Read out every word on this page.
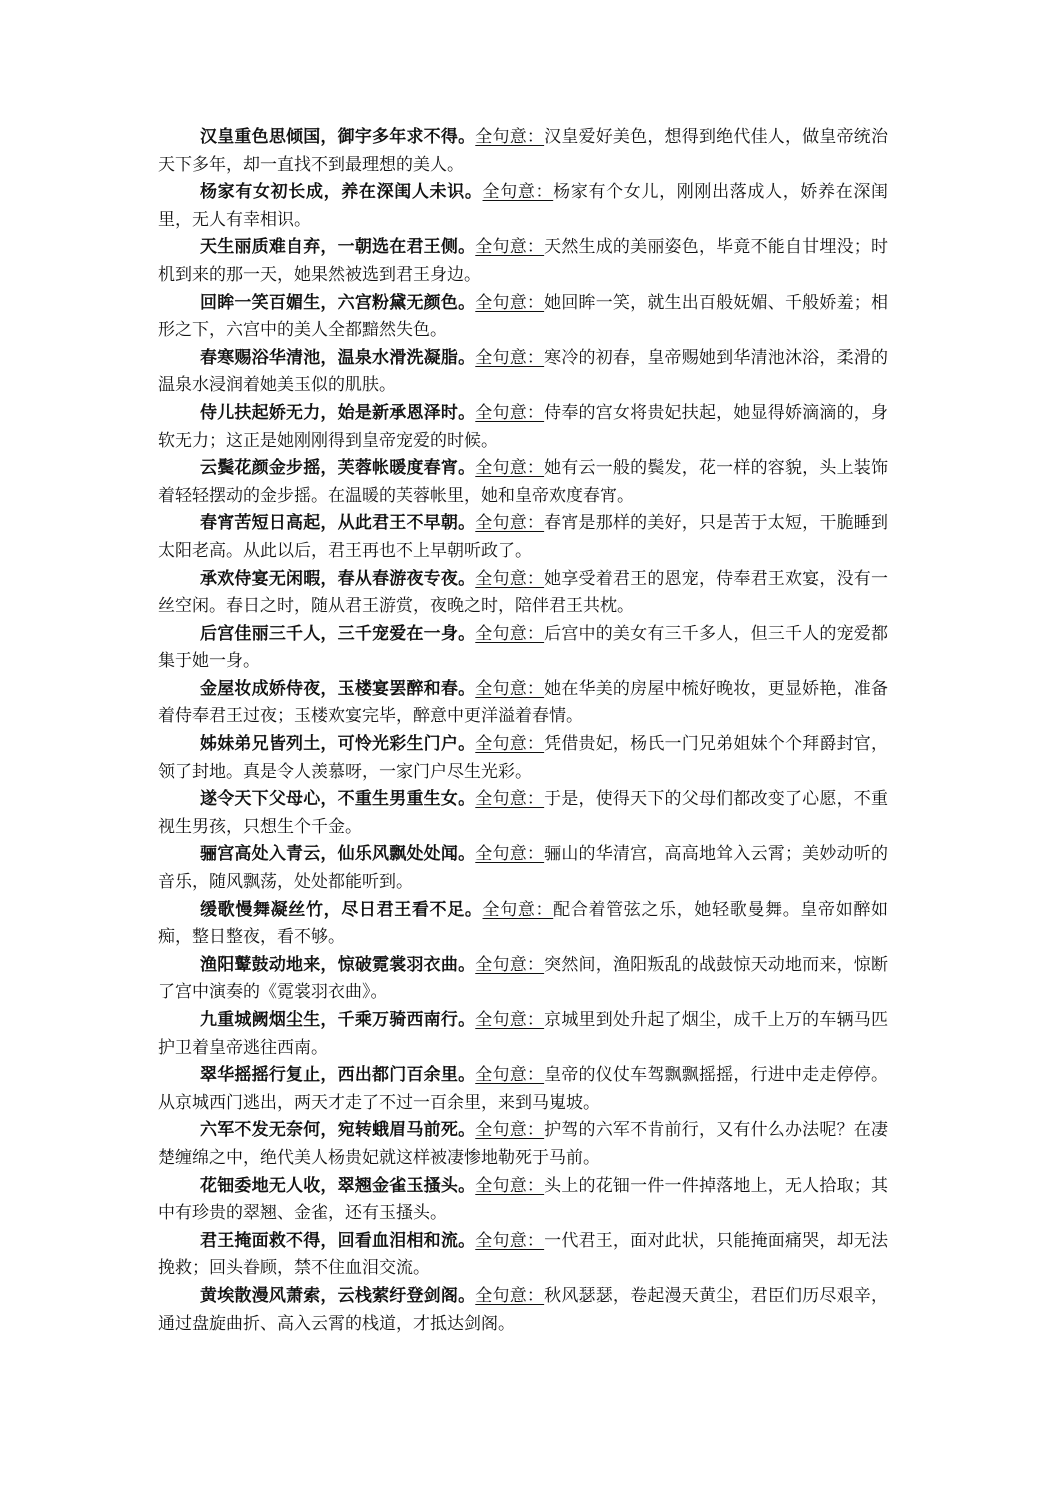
汉皇重色思倾国，御宇多年求不得。全句意：汉皇爱好美色，想得到绝代佳人，做皇帝统治天下多年，却一直找不到最理想的美人。

杨家有女初长成，养在深闺人未识。全句意：杨家有个女儿，刚刚出落成人，娇养在深闺里，无人有幸相识。

天生丽质难自弃，一朝选在君王侧。全句意：天然生成的美丽姿色，毕竟不能自甘埋没；时机到来的那一天，她果然被选到君王身边。

回眸一笑百媚生，六宫粉黛无颜色。全句意：她回眸一笑，就生出百般妩媚、千般娇羞；相形之下，六宫中的美人全都黯然失色。

春寒赐浴华清池，温泉水滑洗凝脂。全句意：寒冷的初春，皇帝赐她到华清池沐浴，柔滑的温泉水浸润着她美玉似的肌肤。

侍儿扶起娇无力，始是新承恩泽时。全句意：侍奉的宫女将贵妃扶起，她显得娇滴滴的，身软无力；这正是她刚刚得到皇帝宠爱的时候。

云鬓花颜金步摇，芙蓉帐暖度春宵。全句意：她有云一般的鬓发，花一样的容貌，头上装饰着轻轻摆动的金步摇。在温暖的芙蓉帐里，她和皇帝欢度春宵。

春宵苦短日高起，从此君王不早朝。全句意：春宵是那样的美好，只是苦于太短，干脆睡到太阳老高。从此以后，君王再也不上早朝听政了。

承欢侍宴无闲暇，春从春游夜专夜。全句意：她享受着君王的恩宠，侍奉君王欢宴，没有一丝空闲。春日之时，随从君王游赏，夜晚之时，陪伴君王共枕。

后宫佳丽三千人，三千宠爱在一身。全句意：后宫中的美女有三千多人，但三千人的宠爱都集于她一身。

金屋妆成娇侍夜，玉楼宴罢醉和春。全句意：她在华美的房屋中梳好晚妆，更显娇艳，准备着侍奉君王过夜；玉楼欢宴完毕，醉意中更洋溢着春情。

姊妹弟兄皆列土，可怜光彩生门户。全句意：凭借贵妃，杨氏一门兄弟姐妹个个拜爵封官，领了封地。真是令人羡慕呀，一家门户尽生光彩。

遂令天下父母心，不重生男重生女。全句意：于是，使得天下的父母们都改变了心愿，不重视生男孩，只想生个千金。

骊宫高处入青云，仙乐风飘处处闻。全句意：骊山的华清宫，高高地耸入云霄；美妙动听的音乐，随风飘荡，处处都能听到。

缓歌慢舞凝丝竹，尽日君王看不足。全句意：配合着管弦之乐，她轻歌曼舞。皇帝如醉如痴，整日整夜，看不够。

渔阳鼙鼓动地来，惊破霓裳羽衣曲。全句意：突然间，渔阳叛乱的战鼓惊天动地而来，惊断了宫中演奏的《霓裳羽衣曲》。

九重城阙烟尘生，千乘万骑西南行。全句意：京城里到处升起了烟尘，成千上万的车辆马匹护卫着皇帝逃往西南。

翠华摇摇行复止，西出都门百余里。全句意：皇帝的仪仗车驾飘飘摇摇，行进中走走停停。从京城西门逃出，两天才走了不过一百余里，来到马嵬坡。

六军不发无奈何，宛转蛾眉马前死。全句意：护驾的六军不肯前行，又有什么办法呢？在凄楚缠绵之中，绝代美人杨贵妃就这样被凄惨地勒死于马前。

花钿委地无人收，翠翘金雀玉搔头。全句意：头上的花钿一件一件掉落地上，无人拾取；其中有珍贵的翠翘、金雀，还有玉搔头。

君王掩面救不得，回看血泪相和流。全句意：一代君王，面对此状，只能掩面痛哭，却无法挽救；回头眷顾，禁不住血泪交流。

黄埃散漫风萧索，云栈萦纡登剑阁。全句意：秋风瑟瑟，卷起漫天黄尘，君臣们历尽艰辛，通过盘旋曲折、高入云霄的栈道，才抵达剑阁。
